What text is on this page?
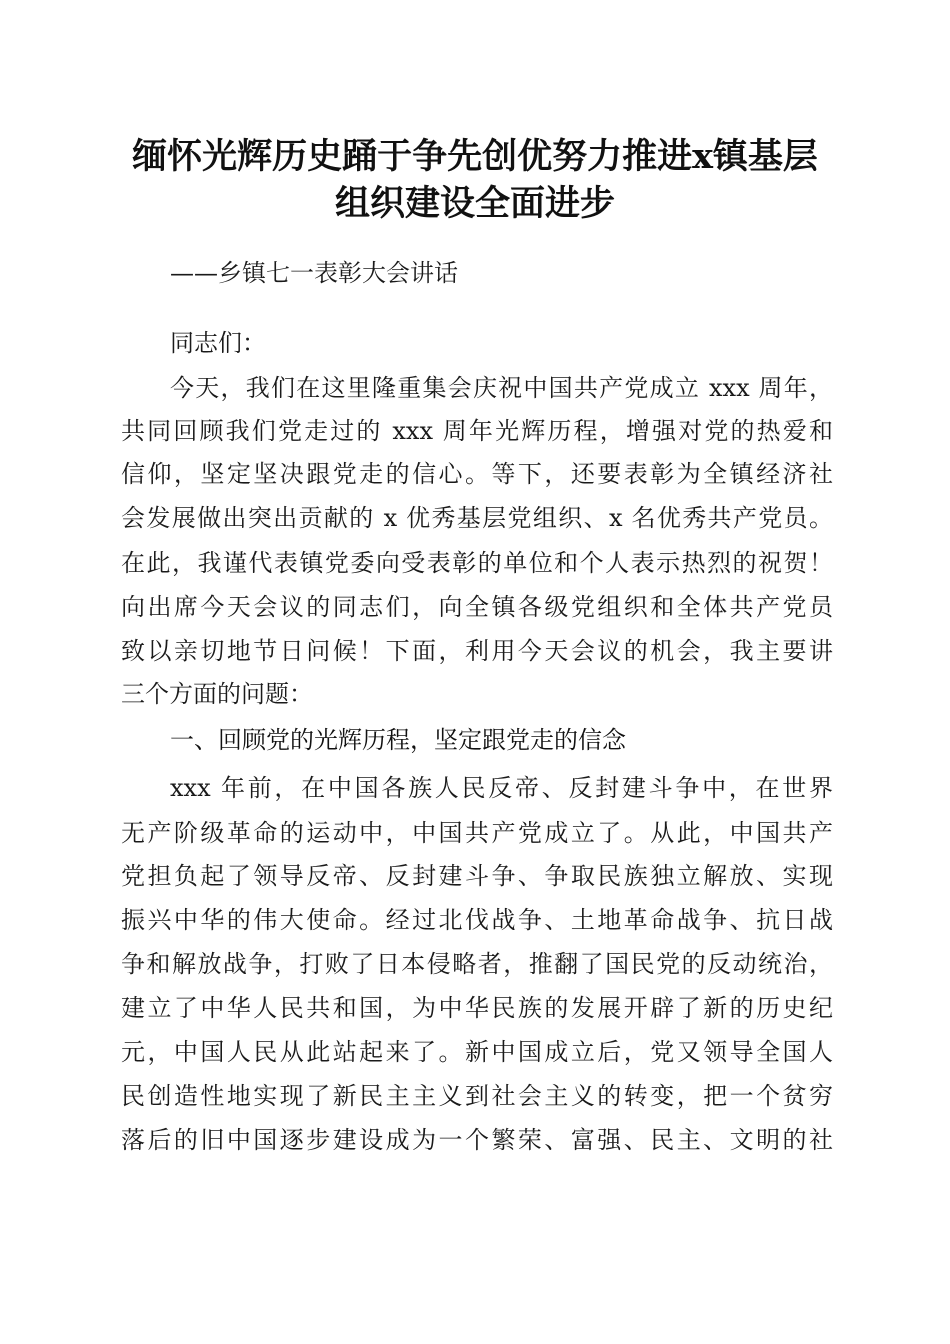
缅怀光辉历史踊于争先创优努力推进x镇基层
组织建设全面进步
——乡镇七一表彰大会讲话
同志们：
今天，我们在这里隆重集会庆祝中国共产党成立 xxx 周年，
共同回顾我们党走过的 xxx 周年光辉历程，增强对党的热爱和
信仰，坚定坚决跟党走的信心。等下，还要表彰为全镇经济社
会发展做出突出贡献的 x 优秀基层党组织、x 名优秀共产党员。
在此，我谨代表镇党委向受表彰的单位和个人表示热烈的祝贺！
向出席今天会议的同志们，向全镇各级党组织和全体共产党员
致以亲切地节日问候！下面，利用今天会议的机会，我主要讲
三个方面的问题：
一、回顾党的光辉历程，坚定跟党走的信念
xxx 年前，在中国各族人民反帝、反封建斗争中，在世界
无产阶级革命的运动中，中国共产党成立了。从此，中国共产
党担负起了领导反帝、反封建斗争、争取民族独立解放、实现
振兴中华的伟大使命。经过北伐战争、土地革命战争、抗日战
争和解放战争，打败了日本侵略者，推翻了国民党的反动统治，
建立了中华人民共和国，为中华民族的发展开辟了新的历史纪
元，中国人民从此站起来了。新中国成立后，党又领导全国人
民创造性地实现了新民主主义到社会主义的转变，把一个贫穷
落后的旧中国逐步建设成为一个繁荣、富强、民主、文明的社
